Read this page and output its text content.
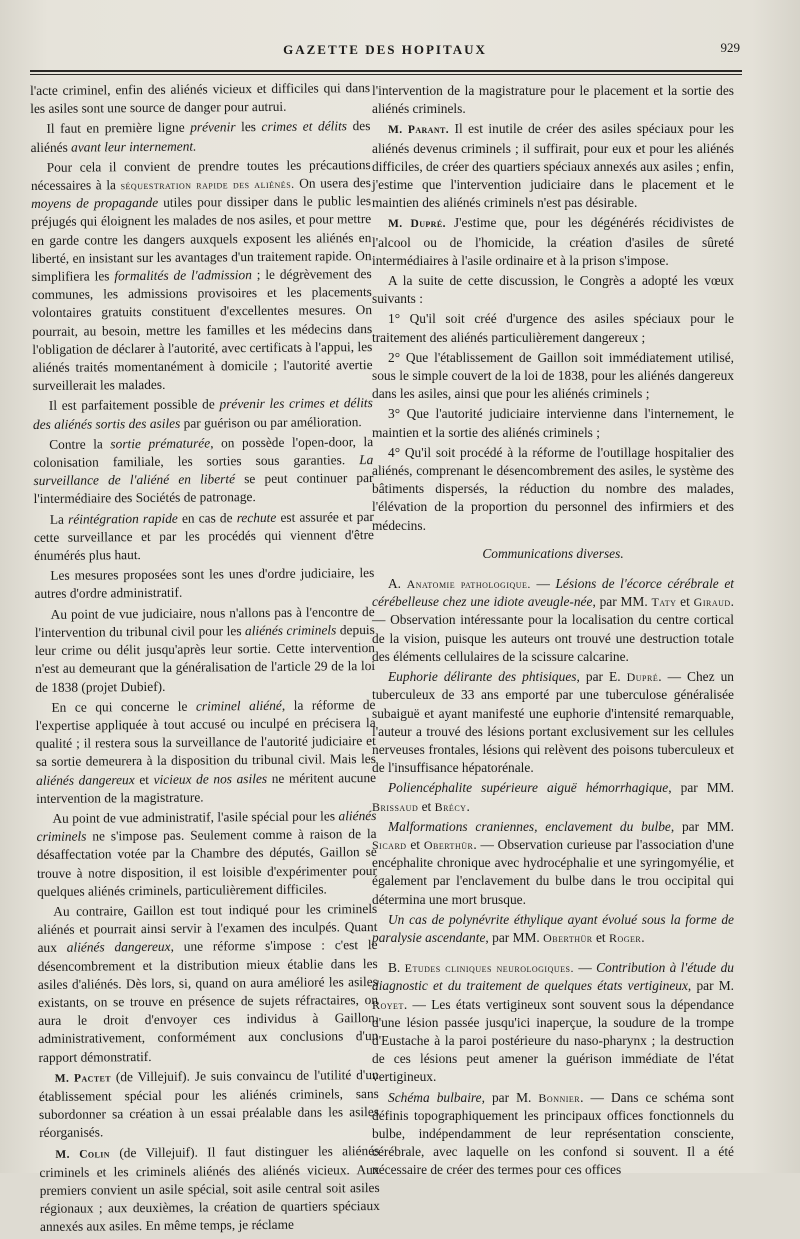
GAZETTE DES HOPITAUX	929

l'acte criminel, enfin des aliénés vicieux et difficiles qui dans les asiles sont une source de danger pour autrui.

Il faut en première ligne prévenir les crimes et délits des aliénés avant leur internement.

Pour cela il convient de prendre toutes les précautions nécessaires à la séquestration rapide des aliénés. On usera des moyens de propagande utiles pour dissiper dans le public les préjugés qui éloignent les malades de nos asiles, et pour mettre en garde contre les dangers auxquels exposent les aliénés en liberté, en insistant sur les avantages d'un traitement rapide. On simplifiera les formalités de l'admission ; le dégrèvement des communes, les admissions provisoires et les placements volontaires gratuits constituent d'excellentes mesures. On pourrait, au besoin, mettre les familles et les médecins dans l'obligation de déclarer à l'autorité, avec certificats à l'appui, les aliénés traités momentanément à domicile ; l'autorité avertie surveillerait les malades.

Il est parfaitement possible de prévenir les crimes et délits des aliénés sortis des asiles par guérison ou par amélioration.

Contre la sortie prématurée, on possède l'open-door, la colonisation familiale, les sorties sous garanties. La surveillance de l'aliéné en liberté se peut continuer par l'intermédiaire des Sociétés de patronage.

La réintégration rapide en cas de rechute est assurée et par cette surveillance et par les procédés qui viennent d'être énumérés plus haut.

Les mesures proposées sont les unes d'ordre judiciaire, les autres d'ordre administratif.

Au point de vue judiciaire, nous n'allons pas à l'encontre de l'intervention du tribunal civil pour les aliénés criminels depuis leur crime ou délit jusqu'après leur sortie. Cette intervention n'est au demeurant que la généralisation de l'article 29 de la loi de 1838 (projet Dubief).

En ce qui concerne le criminel aliéné, la réforme de l'expertise appliquée à tout accusé ou inculpé en précisera la qualité ; il restera sous la surveillance de l'autorité judiciaire et sa sortie demeurera à la disposition du tribunal civil. Mais les aliénés dangereux et vicieux de nos asiles ne méritent aucune intervention de la magistrature.

Au point de vue administratif, l'asile spécial pour les aliénés criminels ne s'impose pas. Seulement comme à raison de la désaffectation votée par la Chambre des députés, Gaillon se trouve à notre disposition, il est loisible d'expérimenter pour quelques aliénés criminels, particulièrement difficiles.

Au contraire, Gaillon est tout indiqué pour les criminels aliénés et pourrait ainsi servir à l'examen des inculpés. Quant aux aliénés dangereux, une réforme s'impose : c'est le désencombrement et la distribution mieux établie dans les asiles d'aliénés. Dès lors, si, quand on aura amélioré les asiles existants, on se trouve en présence de sujets réfractaires, on aura le droit d'envoyer ces individus à Gaillon, administrativement, conformément aux conclusions d'un rapport démonstratif.

M. Pactet (de Villejuif). Je suis convaincu de l'utilité d'un établissement spécial pour les aliénés criminels, sans subordonner sa création à un essai préalable dans les asiles réorganisés.

M. Colin (de Villejuif). Il faut distinguer les aliénés criminels et les criminels aliénés des aliénés vicieux. Aux premiers convient un asile spécial, soit asile central soit asiles régionaux ; aux deuxièmes, la création de quartiers spéciaux annexés aux asiles. En même temps, je réclame

l'intervention de la magistrature pour le placement et la sortie des aliénés criminels.

M. Parant. Il est inutile de créer des asiles spéciaux pour les aliénés devenus criminels ; il suffirait, pour eux et pour les aliénés difficiles, de créer des quartiers spéciaux annexés aux asiles ; enfin, j'estime que l'intervention judiciaire dans le placement et le maintien des aliénés criminels n'est pas désirable.

M. Dupré. J'estime que, pour les dégénérés récidivistes de l'alcool ou de l'homicide, la création d'asiles de sûreté intermédiaires à l'asile ordinaire et à la prison s'impose.

A la suite de cette discussion, le Congrès a adopté les vœux suivants :

1° Qu'il soit créé d'urgence des asiles spéciaux pour le traitement des aliénés particulièrement dangereux ;

2° Que l'établissement de Gaillon soit immédiatement utilisé, sous le simple couvert de la loi de 1838, pour les aliénés dangereux dans les asiles, ainsi que pour les aliénés criminels ;

3° Que l'autorité judiciaire intervienne dans l'internement, le maintien et la sortie des aliénés criminels ;

4° Qu'il soit procédé à la réforme de l'outillage hospitalier des aliénés, comprenant le désencombrement des asiles, le système des bâtiments dispersés, la réduction du nombre des malades, l'élévation de la proportion du personnel des infirmiers et des médecins.

Communications diverses.

A. Anatomie pathologique. — Lésions de l'écorce cérébrale et cérébelleuse chez une idiote aveugle-née, par MM. Taty et Giraud. — Observation intéressante pour la localisation du centre cortical de la vision, puisque les auteurs ont trouvé une destruction totale des éléments cellulaires de la scissure calcarine.

Euphorie délirante des phtisiques, par E. Dupré. — Chez un tuberculeux de 33 ans emporté par une tuberculose généralisée subaiguë et ayant manifesté une euphorie d'intensité remarquable, l'auteur a trouvé des lésions portant exclusivement sur les cellules nerveuses frontales, lésions qui relèvent des poisons tuberculeux et de l'insuffisance hépatorénale.

Poliencéphalite supérieure aiguë hémorrhagique, par MM. Brissaud et Brécy.

Malformations craniennes, enclavement du bulbe, par MM. Sicard et Oberthür. — Observation curieuse par l'association d'une encéphalite chronique avec hydrocéphalie et une syringomyélie, et également par l'enclavement du bulbe dans le trou occipital qui détermina une mort brusque.

Un cas de polynévrite éthylique ayant évolué sous la forme de paralysie ascendante, par MM. Oberthür et Roger.

B. Etudes cliniques neurologiques. — Contribution à l'étude du diagnostic et du traitement de quelques états vertigineux, par M. Royet. — Les états vertigineux sont souvent sous la dépendance d'une lésion passée jusqu'ici inaperçue, la soudure de la trompe d'Eustache à la paroi postérieure du naso-pharynx ; la destruction de ces lésions peut amener la guérison immédiate de l'état vertigineux.

Schéma bulbaire, par M. Bonnier. — Dans ce schéma sont définis topographiquement les principaux offices fonctionnels du bulbe, indépendamment de leur représentation consciente, cérébrale, avec laquelle on les confond si souvent. Il a été nécessaire de créer des termes pour ces offices
